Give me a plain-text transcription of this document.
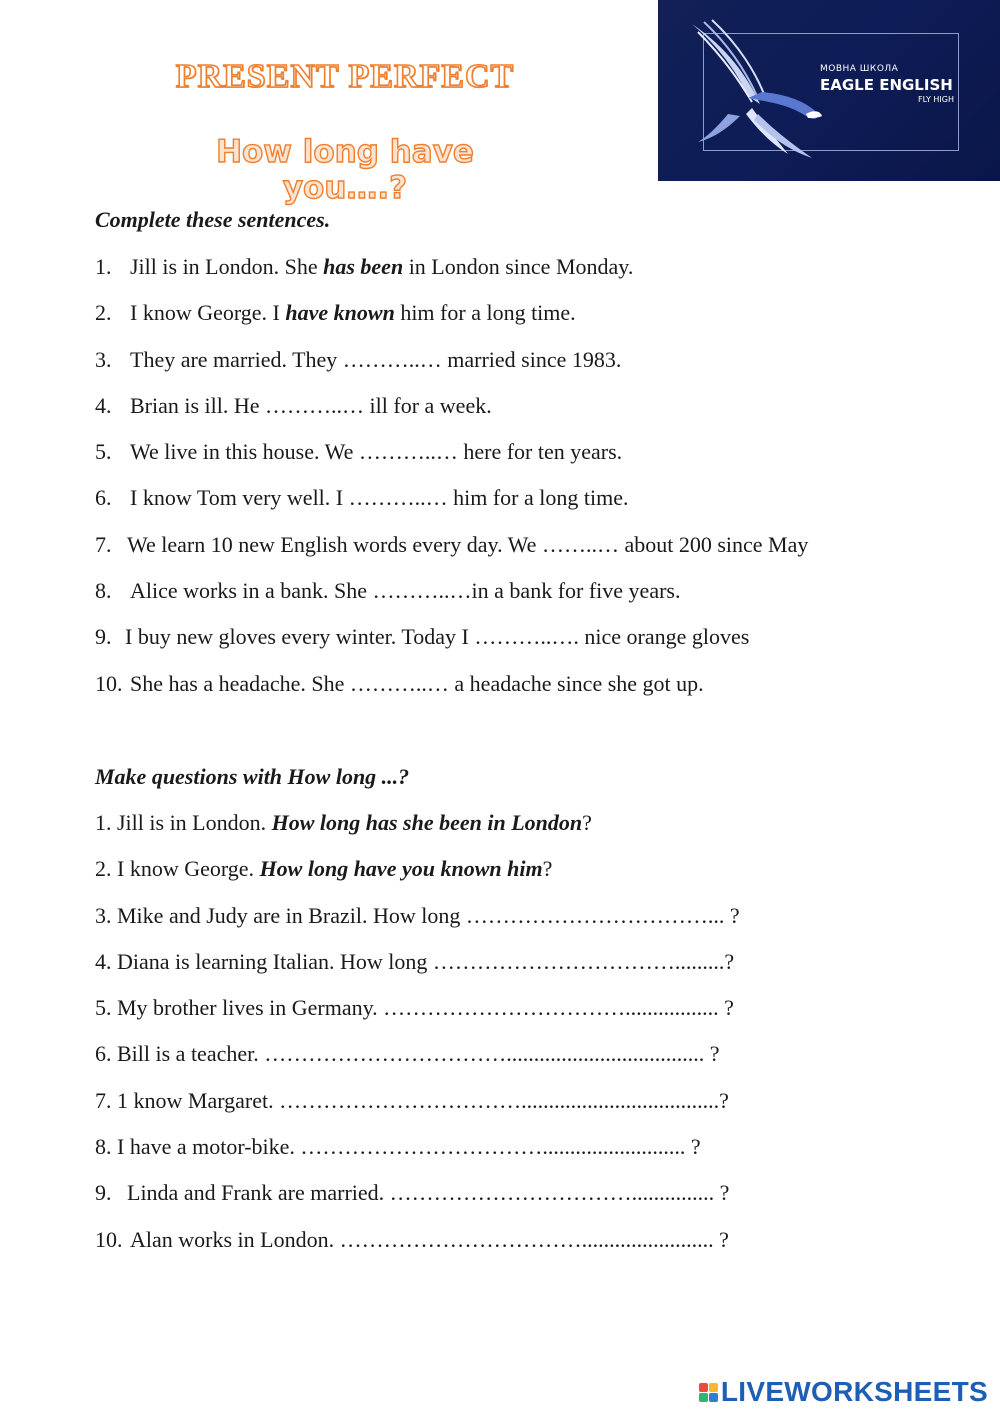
PRESENT PERFECT
How long have you….?
МОВНА ШКОЛА
EAGLE ENGLISH
FLY HIGH
Complete these sentences.
1. Jill is in London. She has been in London since Monday.
2. I know George. I have known him for a long time.
3. They are married. They ………..… married since 1983.
4. Brian is ill. He ………..… ill for a week.
5. We live in this house. We ………..… here for ten years.
6. I know Tom very well. I ………..… him for a long time.
7. We learn 10 new English words every day. We ……..… about 200 since May
8. Alice works in a bank. She ………..…in a bank for five years.
9. I buy new gloves every winter. Today I ………..…. nice orange gloves
10. She has a headache. She ………..… a headache since she got up.
Make questions with How long ...?
1. Jill is in London. How long has she been in London ?
2. I know George. How long have you known him ?
3. Mike and Judy are in Brazil. How long ……………………………... ?
4. Diana is learning Italian. How long …………………………….........?
5. My brother lives in Germany. ……………………………................. ?
6. Bill is a teacher. …………………………….................................... ?
7. 1 know Margaret. ……………………………....................................?
8. I have a motor-bike. …………………………….......................... ?
9. Linda and Frank are married. ……………………………............... ?
10. Alan works in London. ……………………………........................ ?
LIVEWORKSHEETS
